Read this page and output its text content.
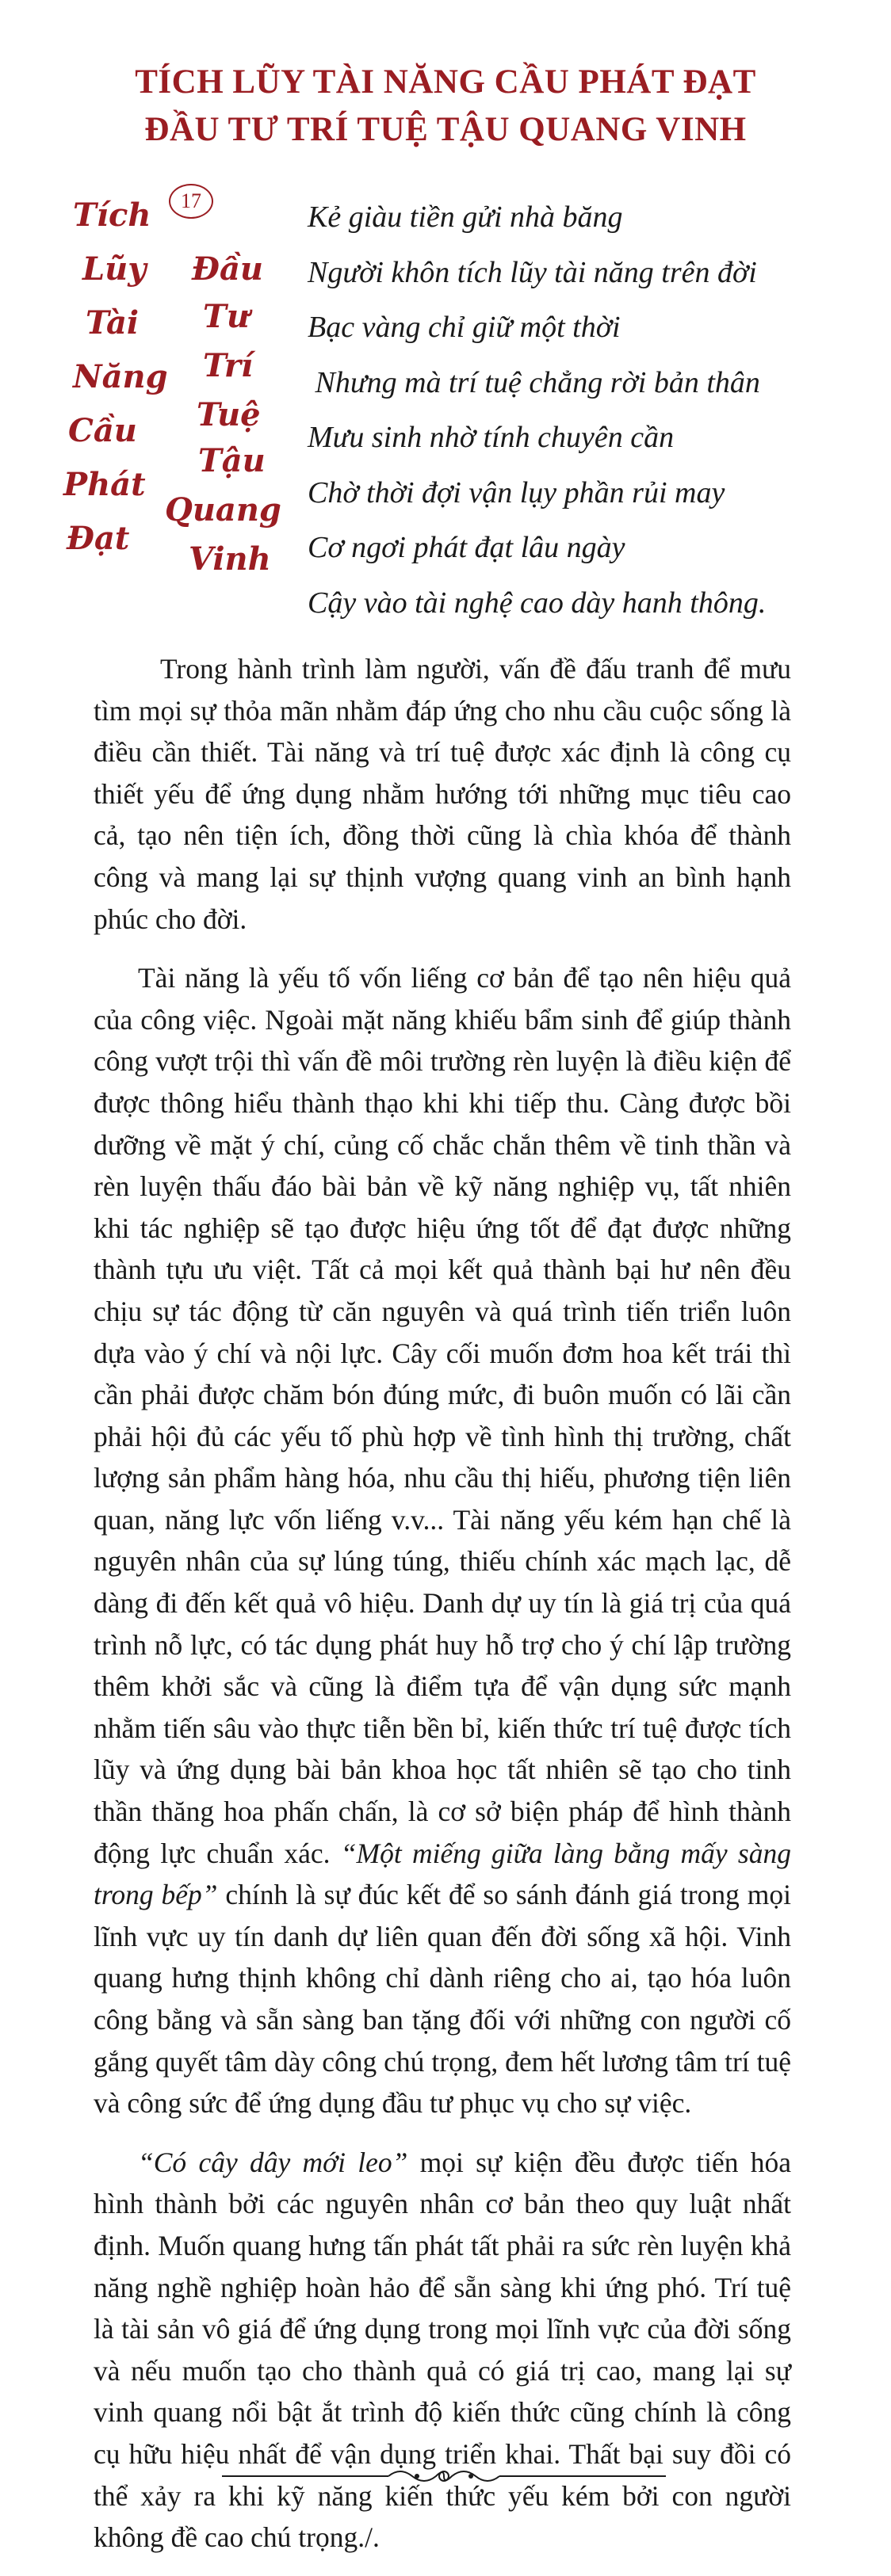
TÍCH LŨY TÀI NĂNG CẦU PHÁT ĐẠT
ĐẦU TƯ TRÍ TUỆ TẬU QUANG VINH
Tích
Lũy
Tài
Năng
Cầu
Phát
Đạt
Đầu
Tư
Trí
Tuệ
Tậu
Quang
Vinh
17	Kẻ giàu tiền gửi nhà băng
Người khôn tích lũy tài năng trên đời
Bạc vàng chỉ giữ một thời
Nhưng mà trí tuệ chẳng rời bản thân
Mưu sinh nhờ tính chuyên cần
Chờ thời đợi vận lụy phần rủi may
Cơ ngơi phát đạt lâu ngày
Cậy vào tài nghệ cao dày hanh thông.

Trong hành trình làm người, vấn đề đấu tranh để mưu tìm mọi sự thỏa mãn nhằm đáp ứng cho nhu cầu cuộc sống là điều cần thiết. Tài năng và trí tuệ được xác định là công cụ thiết yếu để ứng dụng nhằm hướng tới những mục tiêu cao cả, tạo nên tiện ích, đồng thời cũng là chìa khóa để thành công và mang lại sự thịnh vượng quang vinh an bình hạnh phúc cho đời.

Tài năng là yếu tố vốn liếng cơ bản để tạo nên hiệu quả của công việc. Ngoài mặt năng khiếu bẩm sinh để giúp thành công vượt trội thì vấn đề môi trường rèn luyện là điều kiện để được thông hiểu thành thạo khi khi tiếp thu. Càng được bồi dưỡng về mặt ý chí, củng cố chắc chắn thêm về tinh thần và rèn luyện thấu đáo bài bản về kỹ năng nghiệp vụ, tất nhiên khi tác nghiệp sẽ tạo được hiệu ứng tốt để đạt được những thành tựu ưu việt. Tất cả mọi kết quả thành bại hư nên đều chịu sự tác động từ căn nguyên và quá trình tiến triển luôn dựa vào ý chí và nội lực. Cây cối muốn đơm hoa kết trái thì cần phải được chăm bón đúng mức, đi buôn muốn có lãi cần phải hội đủ các yếu tố phù hợp về tình hình thị trường, chất lượng sản phẩm hàng hóa, nhu cầu thị hiếu, phương tiện liên quan, năng lực vốn liếng v.v... Tài năng yếu kém hạn chế là nguyên nhân của sự lúng túng, thiếu chính xác mạch lạc, dễ dàng đi đến kết quả vô hiệu. Danh dự uy tín là giá trị của quá trình nỗ lực, có tác dụng phát huy hỗ trợ cho ý chí lập trường thêm khởi sắc và cũng là điểm tựa để vận dụng sức mạnh nhằm tiến sâu vào thực tiễn bền bỉ, kiến thức trí tuệ được tích lũy và ứng dụng bài bản khoa học tất nhiên sẽ tạo cho tinh thần thăng hoa phấn chấn, là cơ sở biện pháp để hình thành động lực chuẩn xác. “Một miếng giữa làng bằng mấy sàng trong bếp” chính là sự đúc kết để so sánh đánh giá trong mọi lĩnh vực uy tín danh dự liên quan đến đời sống xã hội. Vinh quang hưng thịnh không chỉ dành riêng cho ai, tạo hóa luôn công bằng và sẵn sàng ban tặng đối với những con người cố gắng quyết tâm dày công chú trọng, đem hết lương tâm trí tuệ và công sức để ứng dụng đầu tư phục vụ cho sự việc.

“Có cây dây mới leo” mọi sự kiện đều được tiến hóa hình thành bởi các nguyên nhân cơ bản theo quy luật nhất định. Muốn quang hưng tấn phát tất phải ra sức rèn luyện khả năng nghề nghiệp hoàn hảo để sẵn sàng khi ứng phó. Trí tuệ là tài sản vô giá để ứng dụng trong mọi lĩnh vực của đời sống và nếu muốn tạo cho thành quả có giá trị cao, mang lại sự vinh quang nổi bật ắt trình độ kiến thức cũng chính là công cụ hữu hiệu nhất để vận dụng triển khai. Thất bại suy đồi có thể xảy ra khi kỹ năng kiến thức yếu kém bởi con người không đề cao chú trọng./.
